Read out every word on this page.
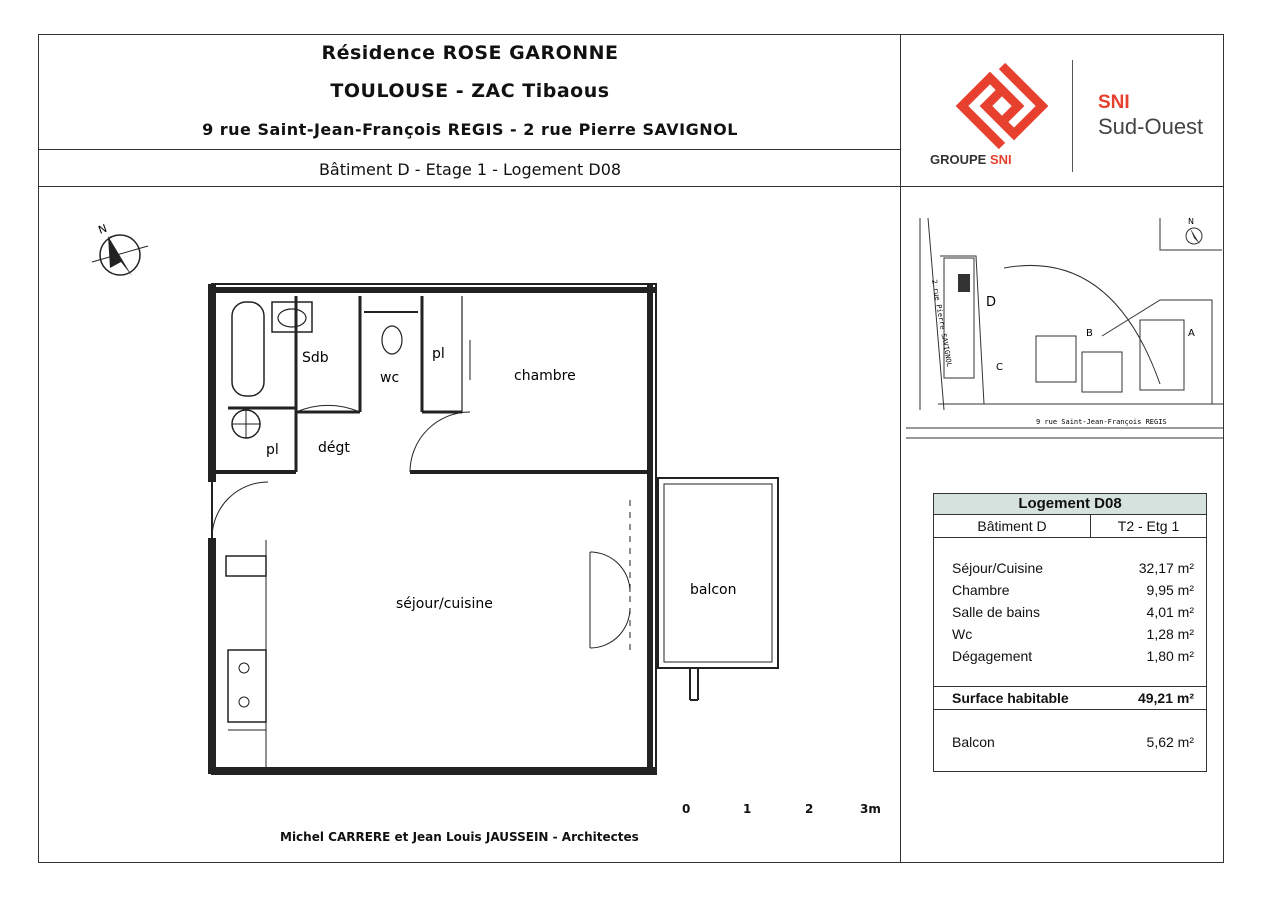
Résidence ROSE GARONNE
TOULOUSE - ZAC Tibaous
9 rue Saint-Jean-François REGIS - 2 rue Pierre SAVIGNOL
Bâtiment D - Etage 1 - Logement D08
SNI
Sud-Ouest
GROUPE SNI
N
Sdb
wc
pl
pl	dégt
chambre
séjour/cuisine
balcon
0	1	2	3m
Michel CARRERE et Jean Louis JAUSSEIN - Architectes
N
D
B	A
C
2 rue Pierre SAVIGNOL
9 rue Saint-Jean-François REGIS
Logement D08
Bâtiment D	T2 - Etg 1
Séjour/Cuisine	32,17 m²
Chambre	9,95 m²
Salle de bains	4,01 m²
Wc	1,28 m²
Dégagement	1,80 m²
Surface habitable	49,21 m²
Balcon	5,62 m²
